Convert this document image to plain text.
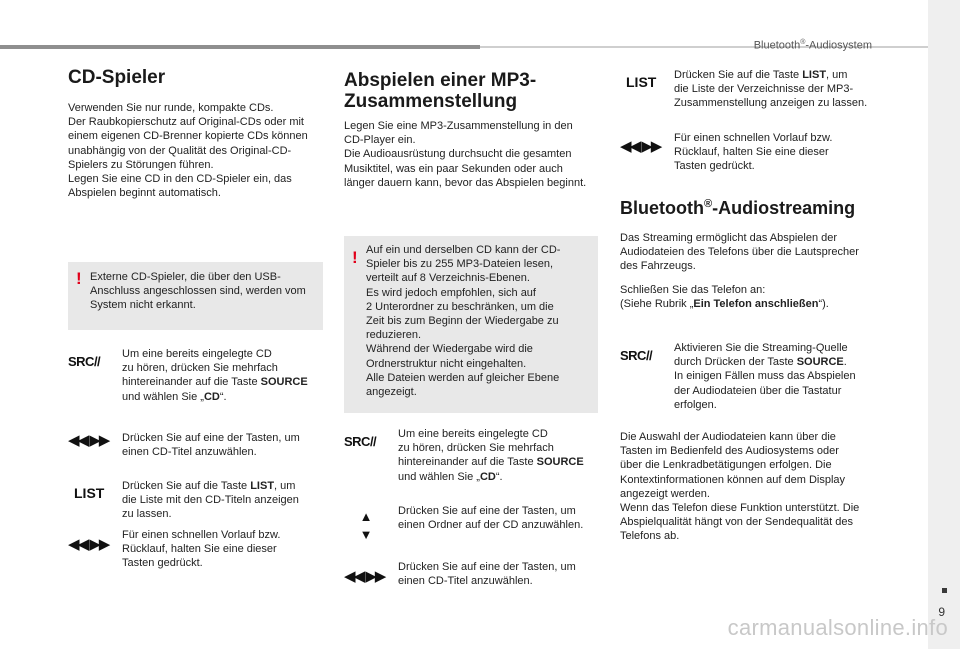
Bluetooth®-Audiosystem
9
carmanualsonline.info
CD-Spieler
Verwenden Sie nur runde, kompakte CDs.
Der Raubkopierschutz auf Original-CDs oder mit
einem eigenen CD-Brenner kopierte CDs können
unabhängig von der Qualität des Original-CD-
Spielers zu Störungen führen.
Legen Sie eine CD in den CD-Spieler ein, das
Abspielen beginnt automatisch.
! Externe CD-Spieler, die über den USB-
Anschluss angeschlossen sind, werden vom
System nicht erkannt.
SRC// Um eine bereits eingelegte CD
zu hören, drücken Sie mehrfach
hintereinander auf die Taste SOURCE
und wählen Sie „CD“.
◀◀ ▶▶ Drücken Sie auf eine der Tasten, um
einen CD-Titel anzuwählen.
LIST Drücken Sie auf die Taste LIST, um
die Liste mit den CD-Titeln anzeigen
zu lassen.
◀◀ ▶▶
Für einen schnellen Vorlauf bzw.
Rücklauf, halten Sie eine dieser
Tasten gedrückt.
Abspielen einer MP3-
Zusammenstellung
Legen Sie eine MP3-Zusammenstellung in den
CD-Player ein.
Die Audioausrüstung durchsucht die gesamten
Musiktitel, was ein paar Sekunden oder auch
länger dauern kann, bevor das Abspielen beginnt.
! Auf ein und derselben CD kann der CD-
Spieler bis zu 255 MP3-Dateien lesen,
verteilt auf 8 Verzeichnis-Ebenen.
Es wird jedoch empfohlen, sich auf
2 Unterordner zu beschränken, um die
Zeit bis zum Beginn der Wiedergabe zu
reduzieren.
Während der Wiedergabe wird die
Ordnerstruktur nicht eingehalten.
Alle Dateien werden auf gleicher Ebene
angezeigt.
SRC// Um eine bereits eingelegte CD
zu hören, drücken Sie mehrfach
hintereinander auf die Taste SOURCE
und wählen Sie „CD“.
▲
▼
Drücken Sie auf eine der Tasten, um
einen Ordner auf der CD anzuwählen.
◀◀ ▶▶
Drücken Sie auf eine der Tasten, um
einen CD-Titel anzuwählen.
LIST Drücken Sie auf die Taste LIST, um
die Liste der Verzeichnisse der MP3-
Zusammenstellung anzeigen zu lassen.
◀◀ ▶▶ Für einen schnellen Vorlauf bzw.
Rücklauf, halten Sie eine dieser
Tasten gedrückt.
Bluetooth®-Audiostreaming
Das Streaming ermöglicht das Abspielen der
Audiodateien des Telefons über die Lautsprecher
des Fahrzeugs.
Schließen Sie das Telefon an:
(Siehe Rubrik „Ein Telefon anschließen“).
SRC// Aktivieren Sie die Streaming-Quelle
durch Drücken der Taste SOURCE.
In einigen Fällen muss das Abspielen
der Audiodateien über die Tastatur
erfolgen.
Die Auswahl der Audiodateien kann über die
Tasten im Bedienfeld des Audiosystems oder
über die Lenkradbetätigungen erfolgen. Die
Kontextinformationen können auf dem Display
angezeigt werden.
Wenn das Telefon diese Funktion unterstützt. Die
Abspielqualität hängt von der Sendequalität des
Telefons ab.
